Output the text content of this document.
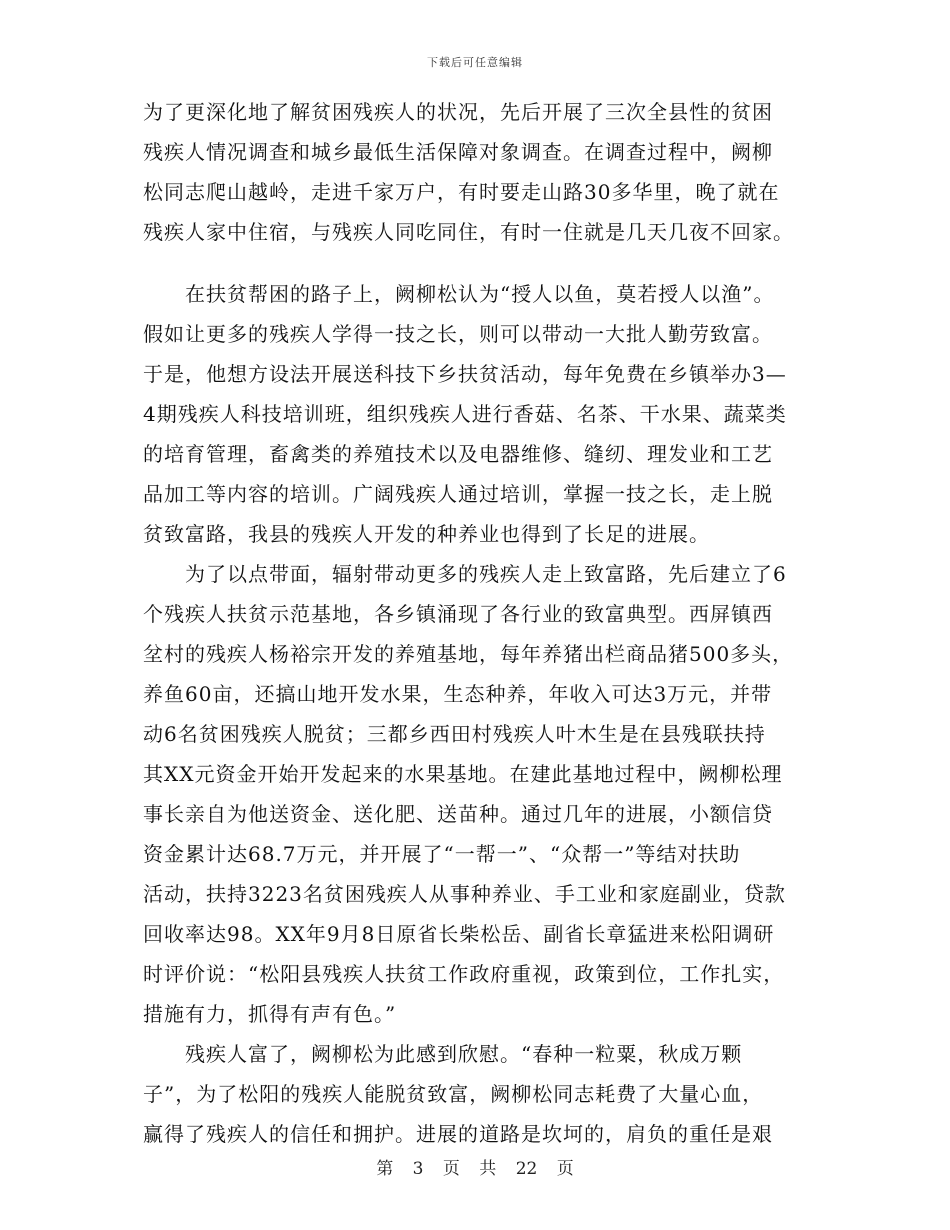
下载后可任意编辑
为了更深化地了解贫困残疾人的状况，先后开展了三次全县性的贫困
残疾人情况调查和城乡最低生活保障对象调查。在调查过程中，阙柳
松同志爬山越岭，走进千家万户，有时要走山路30多华里，晚了就在
残疾人家中住宿，与残疾人同吃同住，有时一住就是几天几夜不回家。
　　在扶贫帮困的路子上，阙柳松认为“授人以鱼，莫若授人以渔”。
假如让更多的残疾人学得一技之长，则可以带动一大批人勤劳致富。
于是，他想方设法开展送科技下乡扶贫活动，每年免费在乡镇举办3—
4期残疾人科技培训班，组织残疾人进行香菇、名茶、干水果、蔬菜类
的培育管理，畜禽类的养殖技术以及电器维修、缝纫、理发业和工艺
品加工等内容的培训。广阔残疾人通过培训，掌握一技之长，走上脱
贫致富路，我县的残疾人开发的种养业也得到了长足的进展。
　　为了以点带面，辐射带动更多的残疾人走上致富路，先后建立了6
个残疾人扶贫示范基地，各乡镇涌现了各行业的致富典型。西屏镇西
坌村的残疾人杨裕宗开发的养殖基地，每年养猪出栏商品猪500多头，
养鱼60亩，还搞山地开发水果，生态种养，年收入可达3万元，并带
动6名贫困残疾人脱贫；三都乡西田村残疾人叶木生是在县残联扶持
其XX元资金开始开发起来的水果基地。在建此基地过程中，阙柳松理
事长亲自为他送资金、送化肥、送苗种。通过几年的进展，小额信贷
资金累计达68.7万元，并开展了“一帮一”、“众帮一”等结对扶助
活动，扶持3223名贫困残疾人从事种养业、手工业和家庭副业，贷款
回收率达98。XX年9月8日原省长柴松岳、副省长章猛进来松阳调研
时评价说：“松阳县残疾人扶贫工作政府重视，政策到位，工作扎实，
措施有力，抓得有声有色。”
　　残疾人富了，阙柳松为此感到欣慰。“春种一粒粟，秋成万颗
子”，为了松阳的残疾人能脱贫致富，阙柳松同志耗费了大量心血，
赢得了残疾人的信任和拥护。进展的道路是坎坷的，肩负的重任是艰
第 3 页 共 22 页
